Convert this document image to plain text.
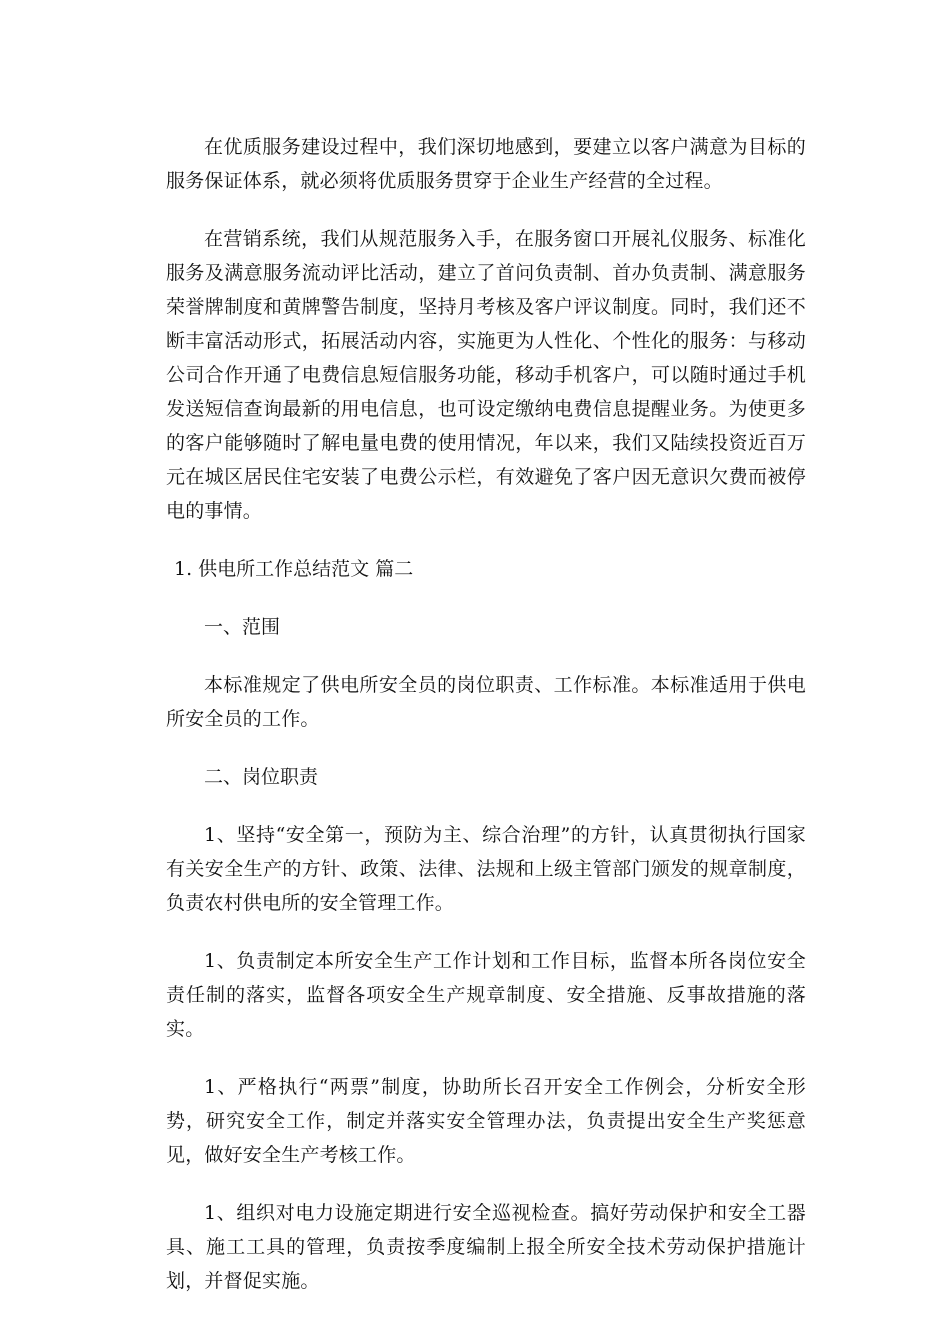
在优质服务建设过程中，我们深切地感到，要建立以客户满意为目标的服务保证体系，就必须将优质服务贯穿于企业生产经营的全过程。

在营销系统，我们从规范服务入手，在服务窗口开展礼仪服务、标准化服务及满意服务流动评比活动，建立了首问负责制、首办负责制、满意服务荣誉牌制度和黄牌警告制度，坚持月考核及客户评议制度。同时，我们还不断丰富活动形式，拓展活动内容，实施更为人性化、个性化的服务：与移动公司合作开通了电费信息短信服务功能，移动手机客户，可以随时通过手机发送短信查询最新的用电信息，也可设定缴纳电费信息提醒业务。为使更多的客户能够随时了解电量电费的使用情况，年以来，我们又陆续投资近百万元在城区居民住宅安装了电费公示栏，有效避免了客户因无意识欠费而被停电的事情。

1. 供电所工作总结范文 篇二

一、范围

本标准规定了供电所安全员的岗位职责、工作标准。本标准适用于供电所安全员的工作。

二、岗位职责

1、坚持“安全第一，预防为主、综合治理”的方针，认真贯彻执行国家有关安全生产的方针、政策、法律、法规和上级主管部门颁发的规章制度，负责农村供电所的安全管理工作。

1、负责制定本所安全生产工作计划和工作目标，监督本所各岗位安全责任制的落实，监督各项安全生产规章制度、安全措施、反事故措施的落实。

1、严格执行“两票”制度，协助所长召开安全工作例会，分析安全形势，研究安全工作，制定并落实安全管理办法，负责提出安全生产奖惩意见，做好安全生产考核工作。

1、组织对电力设施定期进行安全巡视检查。搞好劳动保护和安全工器具、施工工具的管理，负责按季度编制上报全所安全技术劳动保护措施计划，并督促实施。
